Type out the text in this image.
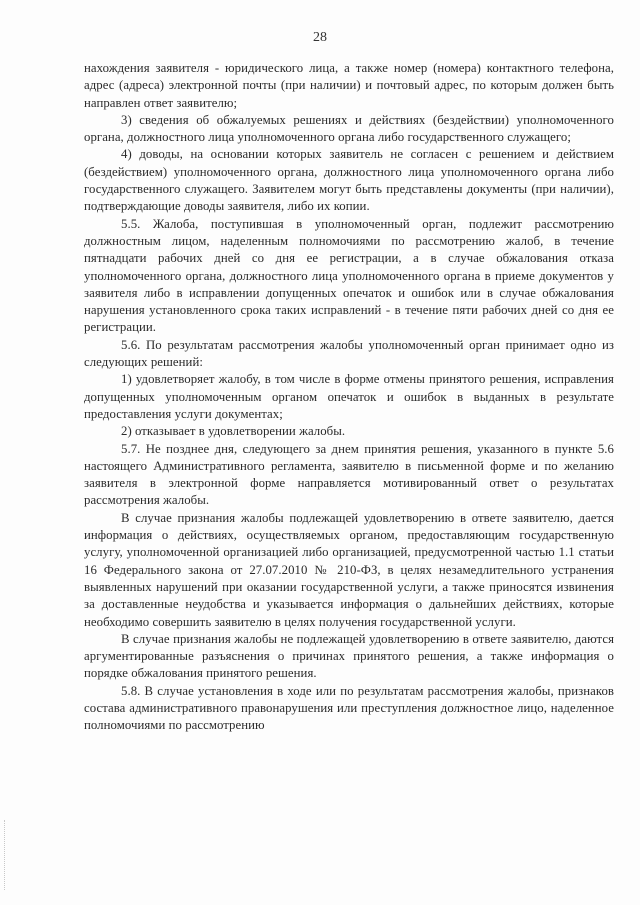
28

нахождения заявителя - юридического лица, а также номер (номера) контактного телефона, адрес (адреса) электронной почты (при наличии) и почтовый адрес, по которым должен быть направлен ответ заявителю;

3) сведения об обжалуемых решениях и действиях (бездействии) уполномоченного органа, должностного лица уполномоченного органа либо государственного служащего;

4) доводы, на основании которых заявитель не согласен с решением и действием (бездействием) уполномоченного органа, должностного лица уполномоченного органа либо государственного служащего. Заявителем могут быть представлены документы (при наличии), подтверждающие доводы заявителя, либо их копии.

5.5. Жалоба, поступившая в уполномоченный орган, подлежит рассмотрению должностным лицом, наделенным полномочиями по рассмотрению жалоб, в течение пятнадцати рабочих дней со дня ее регистрации, а в случае обжалования отказа уполномоченного органа, должностного лица уполномоченного органа в приеме документов у заявителя либо в исправлении допущенных опечаток и ошибок или в случае обжалования нарушения установленного срока таких исправлений - в течение пяти рабочих дней со дня ее регистрации.

5.6. По результатам рассмотрения жалобы уполномоченный орган принимает одно из следующих решений:

1) удовлетворяет жалобу, в том числе в форме отмены принятого решения, исправления допущенных уполномоченным органом опечаток и ошибок в выданных в результате предоставления услуги документах;

2) отказывает в удовлетворении жалобы.

5.7. Не позднее дня, следующего за днем принятия решения, указанного в пункте 5.6 настоящего Административного регламента, заявителю в письменной форме и по желанию заявителя в электронной форме направляется мотивированный ответ о результатах рассмотрения жалобы.

В случае признания жалобы подлежащей удовлетворению в ответе заявителю, дается информация о действиях, осуществляемых органом, предоставляющим государственную услугу, уполномоченной организацией либо организацией, предусмотренной частью 1.1 статьи 16 Федерального закона от 27.07.2010 № 210-ФЗ, в целях незамедлительного устранения выявленных нарушений при оказании государственной услуги, а также приносятся извинения за доставленные неудобства и указывается информация о дальнейших действиях, которые необходимо совершить заявителю в целях получения государственной услуги.

В случае признания жалобы не подлежащей удовлетворению в ответе заявителю, даются аргументированные разъяснения о причинах принятого решения, а также информация о порядке обжалования принятого решения.

5.8. В случае установления в ходе или по результатам рассмотрения жалобы, признаков состава административного правонарушения или преступления должностное лицо, наделенное полномочиями по рассмотрению
